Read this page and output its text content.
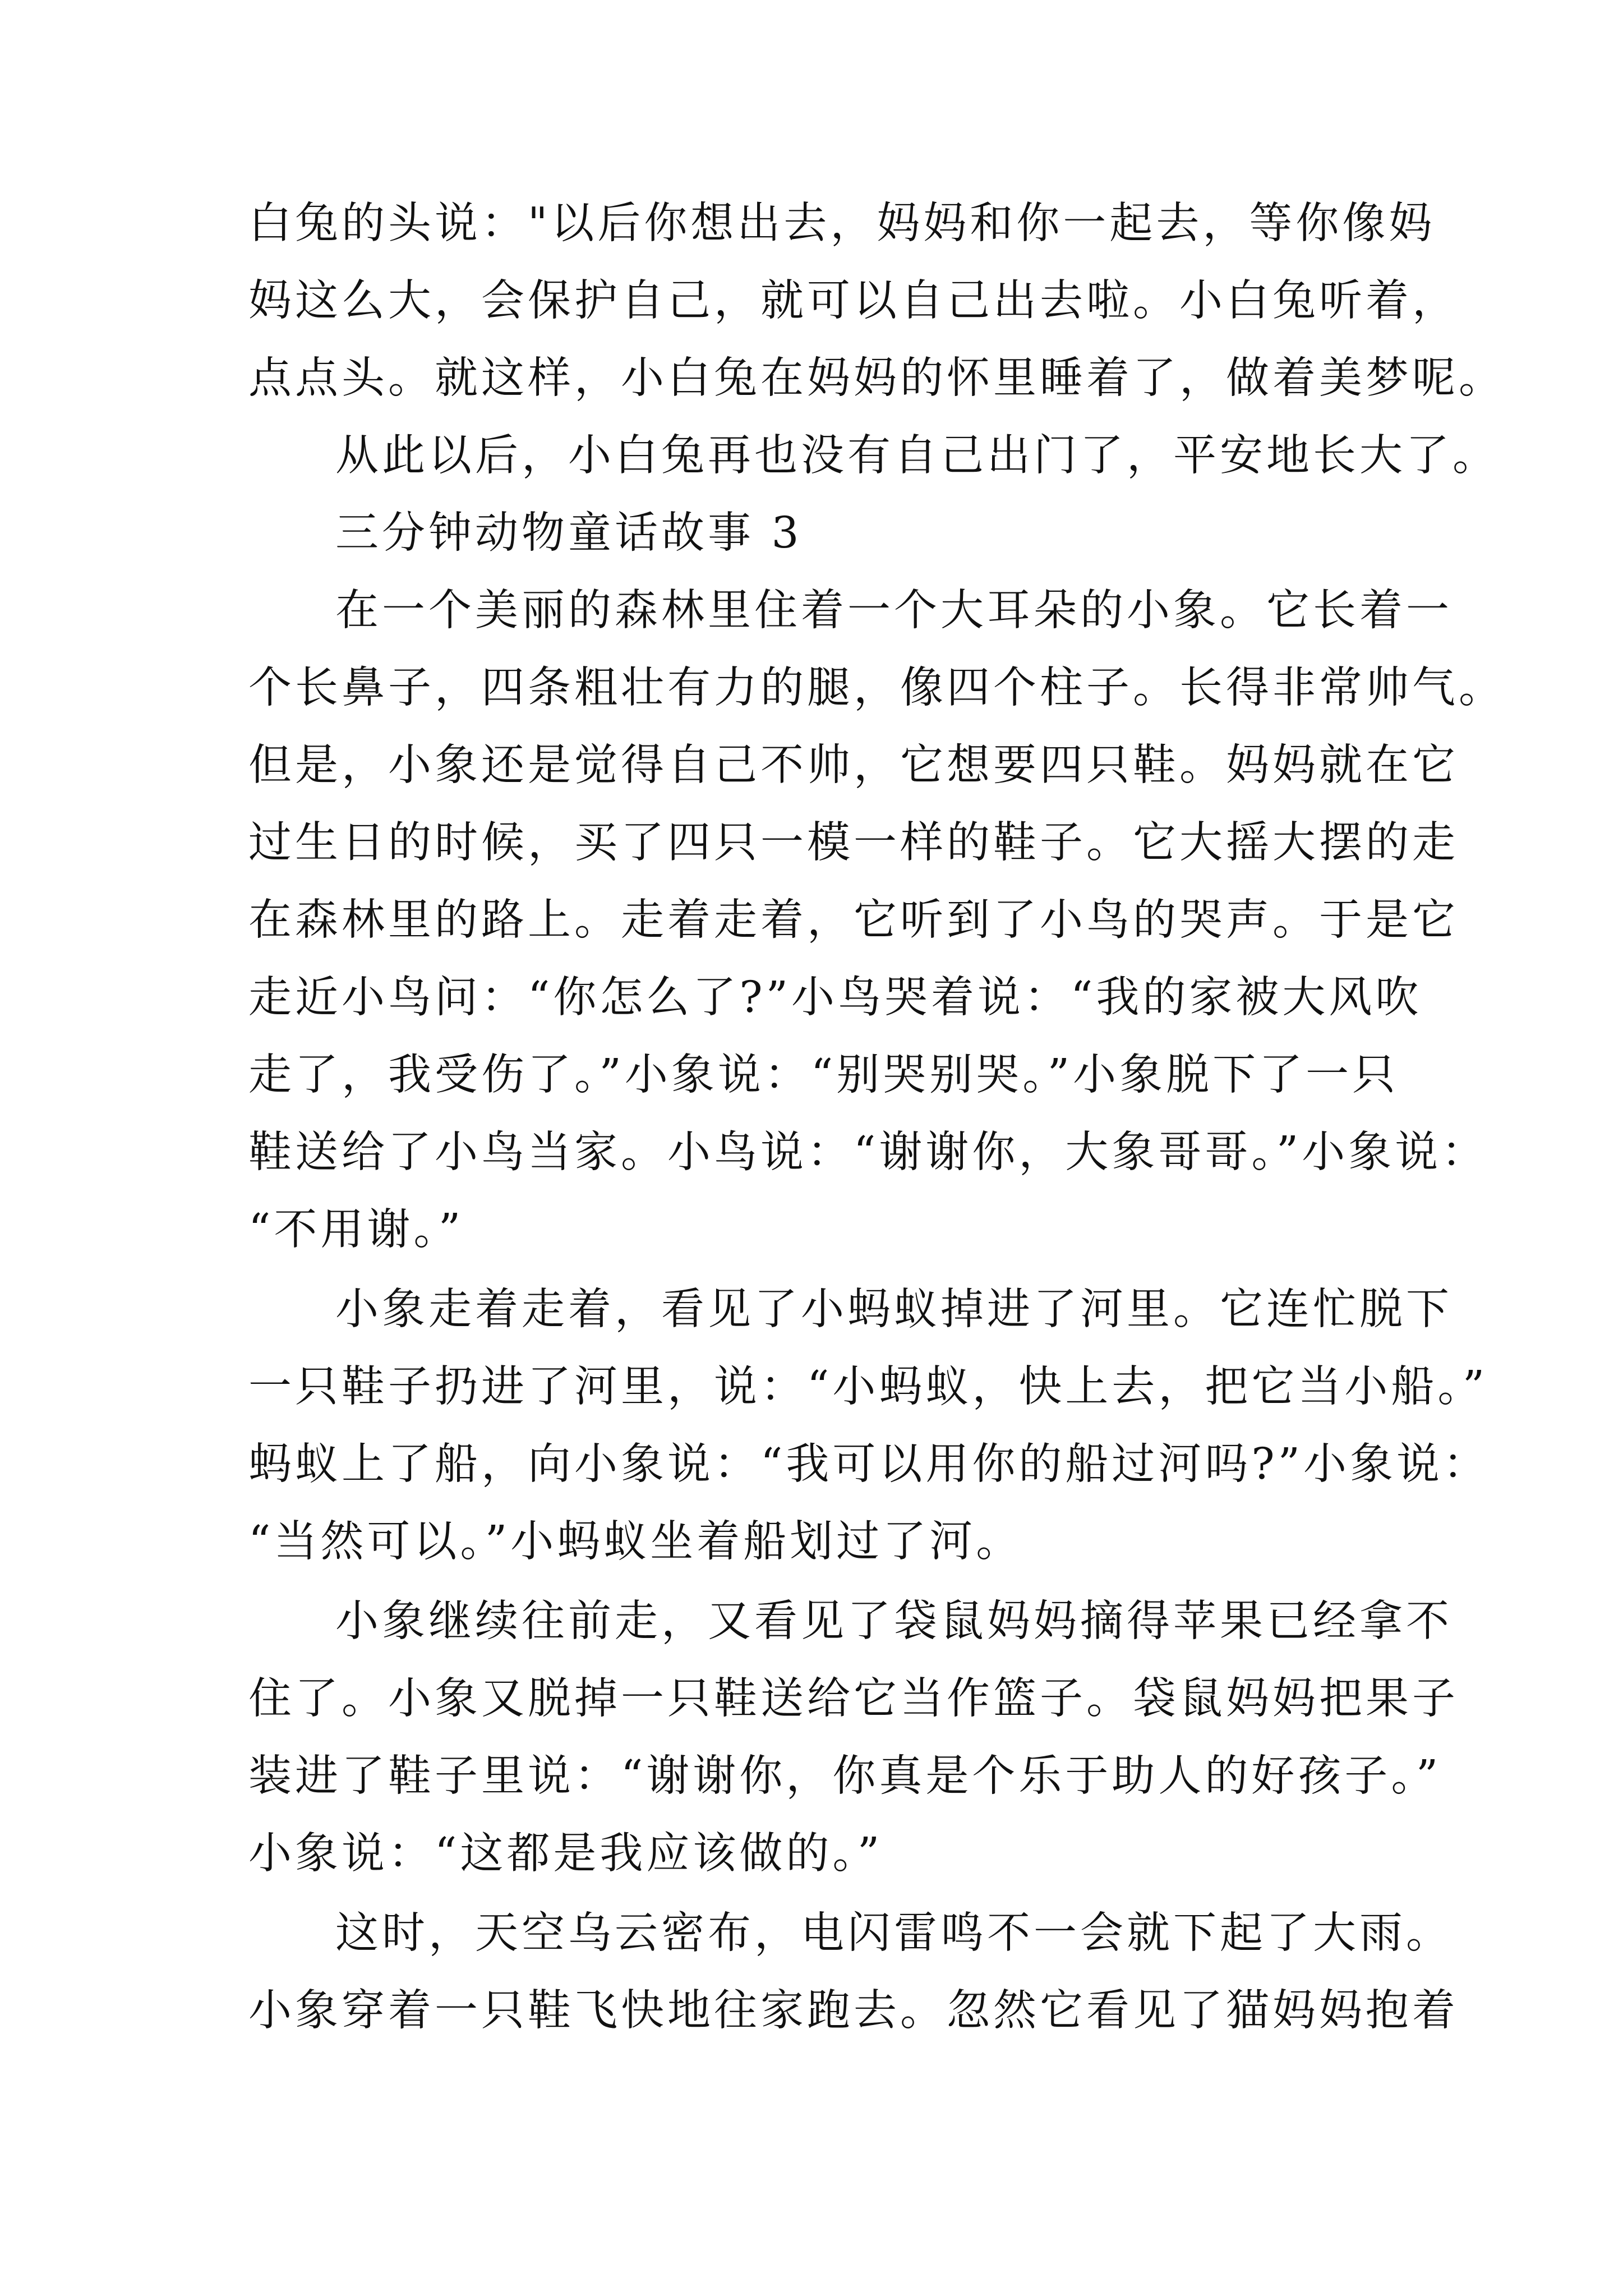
白兔的头说："以后你想出去，妈妈和你一起去，等你像妈
妈这么大，会保护自己，就可以自己出去啦。小白兔听着，
点点头。就这样，小白兔在妈妈的怀里睡着了，做着美梦呢。
从此以后，小白兔再也没有自己出门了，平安地长大了。
三分钟动物童话故事 3
在一个美丽的森林里住着一个大耳朵的小象。它长着一
个长鼻子，四条粗壮有力的腿，像四个柱子。长得非常帅气。
但是，小象还是觉得自己不帅，它想要四只鞋。妈妈就在它
过生日的时候，买了四只一模一样的鞋子。它大摇大摆的走
在森林里的路上。走着走着，它听到了小鸟的哭声。于是它
走近小鸟问：“你怎么了?”小鸟哭着说：“我的家被大风吹
走了，我受伤了。”小象说：“别哭别哭。”小象脱下了一只
鞋送给了小鸟当家。小鸟说：“谢谢你，大象哥哥。”小象说：
“不用谢。”
小象走着走着，看见了小蚂蚁掉进了河里。它连忙脱下
一只鞋子扔进了河里，说：“小蚂蚁，快上去，把它当小船。”
蚂蚁上了船，向小象说：“我可以用你的船过河吗?”小象说：
“当然可以。”小蚂蚁坐着船划过了河。
小象继续往前走，又看见了袋鼠妈妈摘得苹果已经拿不
住了。小象又脱掉一只鞋送给它当作篮子。袋鼠妈妈把果子
装进了鞋子里说：“谢谢你，你真是个乐于助人的好孩子。”
小象说：“这都是我应该做的。”
这时，天空乌云密布，电闪雷鸣不一会就下起了大雨。
小象穿着一只鞋飞快地往家跑去。忽然它看见了猫妈妈抱着
